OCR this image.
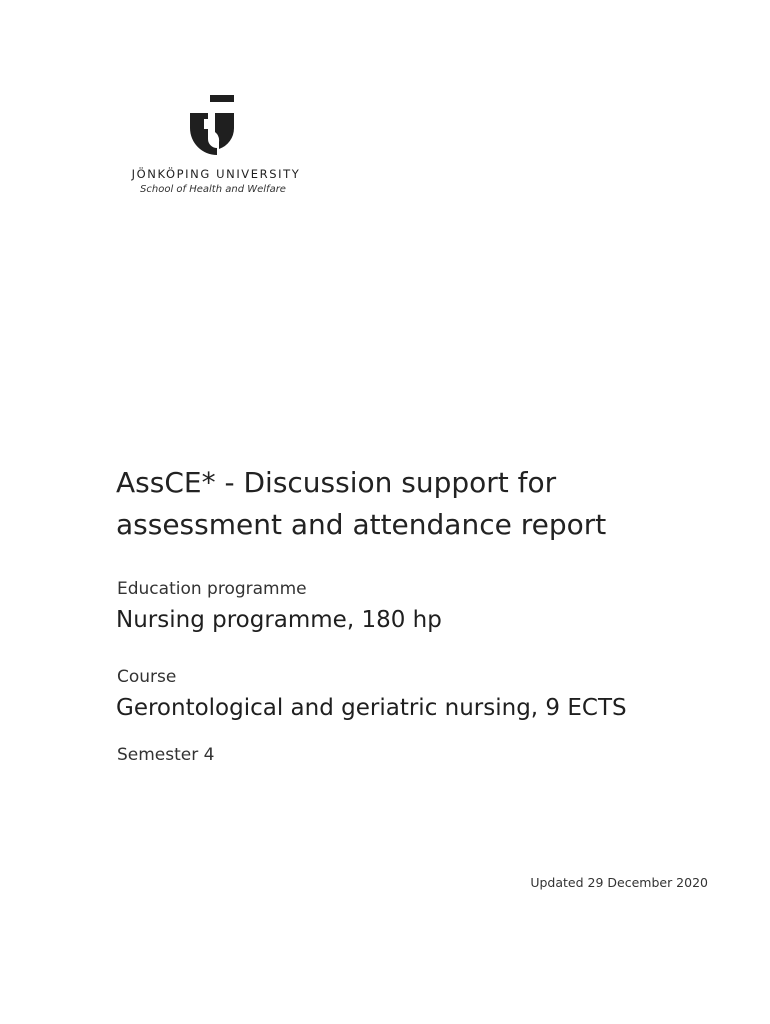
JÖNKÖPING UNIVERSITY
School of Health and Welfare
AssCE* - Discussion support for assessment and attendance report

Education programme

Nursing programme, 180 hp

Course

Gerontological and geriatric nursing, 9 ECTS

Semester 4

Updated 29 December 2020
